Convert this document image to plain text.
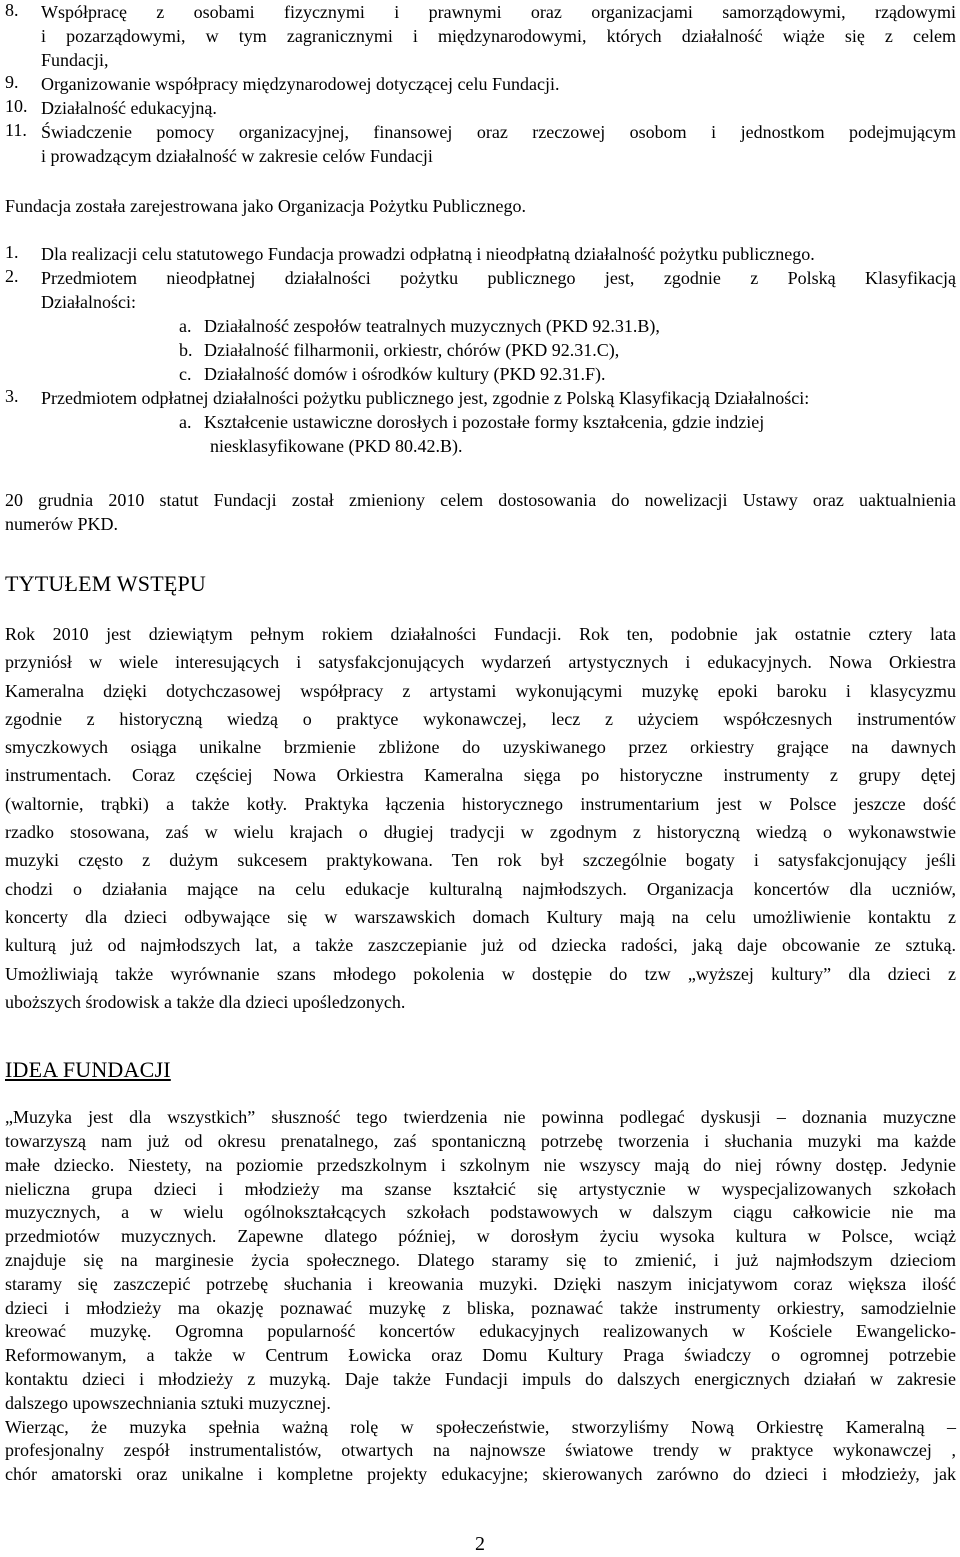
8.	Współpracę z osobami fizycznymi i prawnymi oraz organizacjami samorządowymi, rządowymi
i pozarządowymi, w tym zagranicznymi i międzynarodowymi, których działalność wiąże się z celem
Fundacji,
9.	Organizowanie współpracy międzynarodowej dotyczącej celu Fundacji.
10. Działalność edukacyjną.
11. Świadczenie pomocy organizacyjnej, finansowej oraz rzeczowej osobom i jednostkom podejmującym
i prowadzącym działalność w zakresie celów Fundacji
Fundacja została zarejestrowana jako Organizacja Pożytku Publicznego.
1.	Dla realizacji celu statutowego Fundacja prowadzi odpłatną i nieodpłatną działalność pożytku publicznego.
2.	Przedmiotem nieodpłatnej działalności pożytku publicznego jest, zgodnie z Polską Klasyfikacją
Działalności:
a. Działalność zespołów teatralnych muzycznych (PKD 92.31.B),
b. Działalność filharmonii, orkiestr, chórów (PKD 92.31.C),
c. Działalność domów i ośrodków kultury (PKD 92.31.F).
3.	Przedmiotem odpłatnej działalności pożytku publicznego jest, zgodnie z Polską Klasyfikacją Działalności:
a. Kształcenie ustawiczne dorosłych i pozostałe formy kształcenia, gdzie indziej
niesklasyfikowane (PKD 80.42.B).
20 grudnia 2010 statut Fundacji został zmieniony celem dostosowania do nowelizacji Ustawy oraz uaktualnienia
numerów PKD.
TYTUŁEM WSTĘPU
Rok 2010 jest dziewiątym pełnym rokiem działalności Fundacji. Rok ten, podobnie jak ostatnie cztery lata
przyniósł w wiele interesujących i satysfakcjonujących wydarzeń artystycznych i edukacyjnych. Nowa Orkiestra
Kameralna dzięki dotychczasowej współpracy z artystami wykonującymi muzykę epoki baroku i klasycyzmu
zgodnie z historyczną wiedzą o praktyce wykonawczej, lecz z użyciem współczesnych instrumentów
smyczkowych osiąga unikalne brzmienie zbliżone do uzyskiwanego przez orkiestry grające na dawnych
instrumentach. Coraz częściej Nowa Orkiestra Kameralna sięga po historyczne instrumenty z grupy dętej
(waltornie, trąbki) a także kotły. Praktyka łączenia historycznego instrumentarium jest w Polsce jeszcze dość
rzadko stosowana, zaś w wielu krajach o długiej tradycji w zgodnym z historyczną wiedzą o wykonawstwie
muzyki często z dużym sukcesem praktykowana. Ten rok był szczególnie bogaty i satysfakcjonujący jeśli
chodzi o działania mające na celu edukacje kulturalną najmłodszych. Organizacja koncertów dla uczniów,
koncerty dla dzieci odbywające się w warszawskich domach Kultury mają na celu umożliwienie kontaktu z
kulturą już od najmłodszych lat, a także zaszczepianie już od dziecka radości, jaką daje obcowanie ze sztuką.
Umożliwiają także wyrównanie szans młodego pokolenia w dostępie do tzw „wyższej kultury” dla dzieci z
uboższych środowisk a także dla dzieci upośledzonych.
IDEA FUNDACJI
„Muzyka jest dla wszystkich” słuszność tego twierdzenia nie powinna podlegać dyskusji – doznania muzyczne
towarzyszą nam już od okresu prenatalnego, zaś spontaniczną potrzebę tworzenia i słuchania muzyki ma każde
małe dziecko. Niestety, na poziomie przedszkolnym i szkolnym nie wszyscy mają do niej równy dostęp. Jedynie
nieliczna grupa dzieci i młodzieży ma szanse kształcić się artystycznie w wyspecjalizowanych szkołach
muzycznych, a w wielu ogólnokształcących szkołach podstawowych w dalszym ciągu całkowicie nie ma
przedmiotów muzycznych. Zapewne dlatego później, w dorosłym życiu wysoka kultura w Polsce, wciąż
znajduje się na marginesie życia społecznego. Dlatego staramy się to zmienić, i już najmłodszym dzieciom
staramy się zaszczepić potrzebę słuchania i kreowania muzyki. Dzięki naszym inicjatywom coraz większa ilość
dzieci i młodzieży ma okazję poznawać muzykę z bliska, poznawać także instrumenty orkiestry, samodzielnie
kreować muzykę. Ogromna popularność koncertów edukacyjnych realizowanych w Kościele Ewangelicko-
Reformowanym, a także w Centrum Łowicka oraz Domu Kultury Praga świadczy o ogromnej potrzebie
kontaktu dzieci i młodzieży z muzyką. Daje także Fundacji impuls do dalszych energicznych działań w zakresie
dalszego upowszechniania sztuki muzycznej.
Wierząc, że muzyka spełnia ważną rolę w społeczeństwie, stworzyliśmy Nową Orkiestrę Kameralną –
profesjonalny zespół instrumentalistów, otwartych na najnowsze światowe trendy w praktyce wykonawczej ,
chór amatorski oraz unikalne i kompletne projekty edukacyjne; skierowanych zarówno do dzieci i młodzieży, jak
2
